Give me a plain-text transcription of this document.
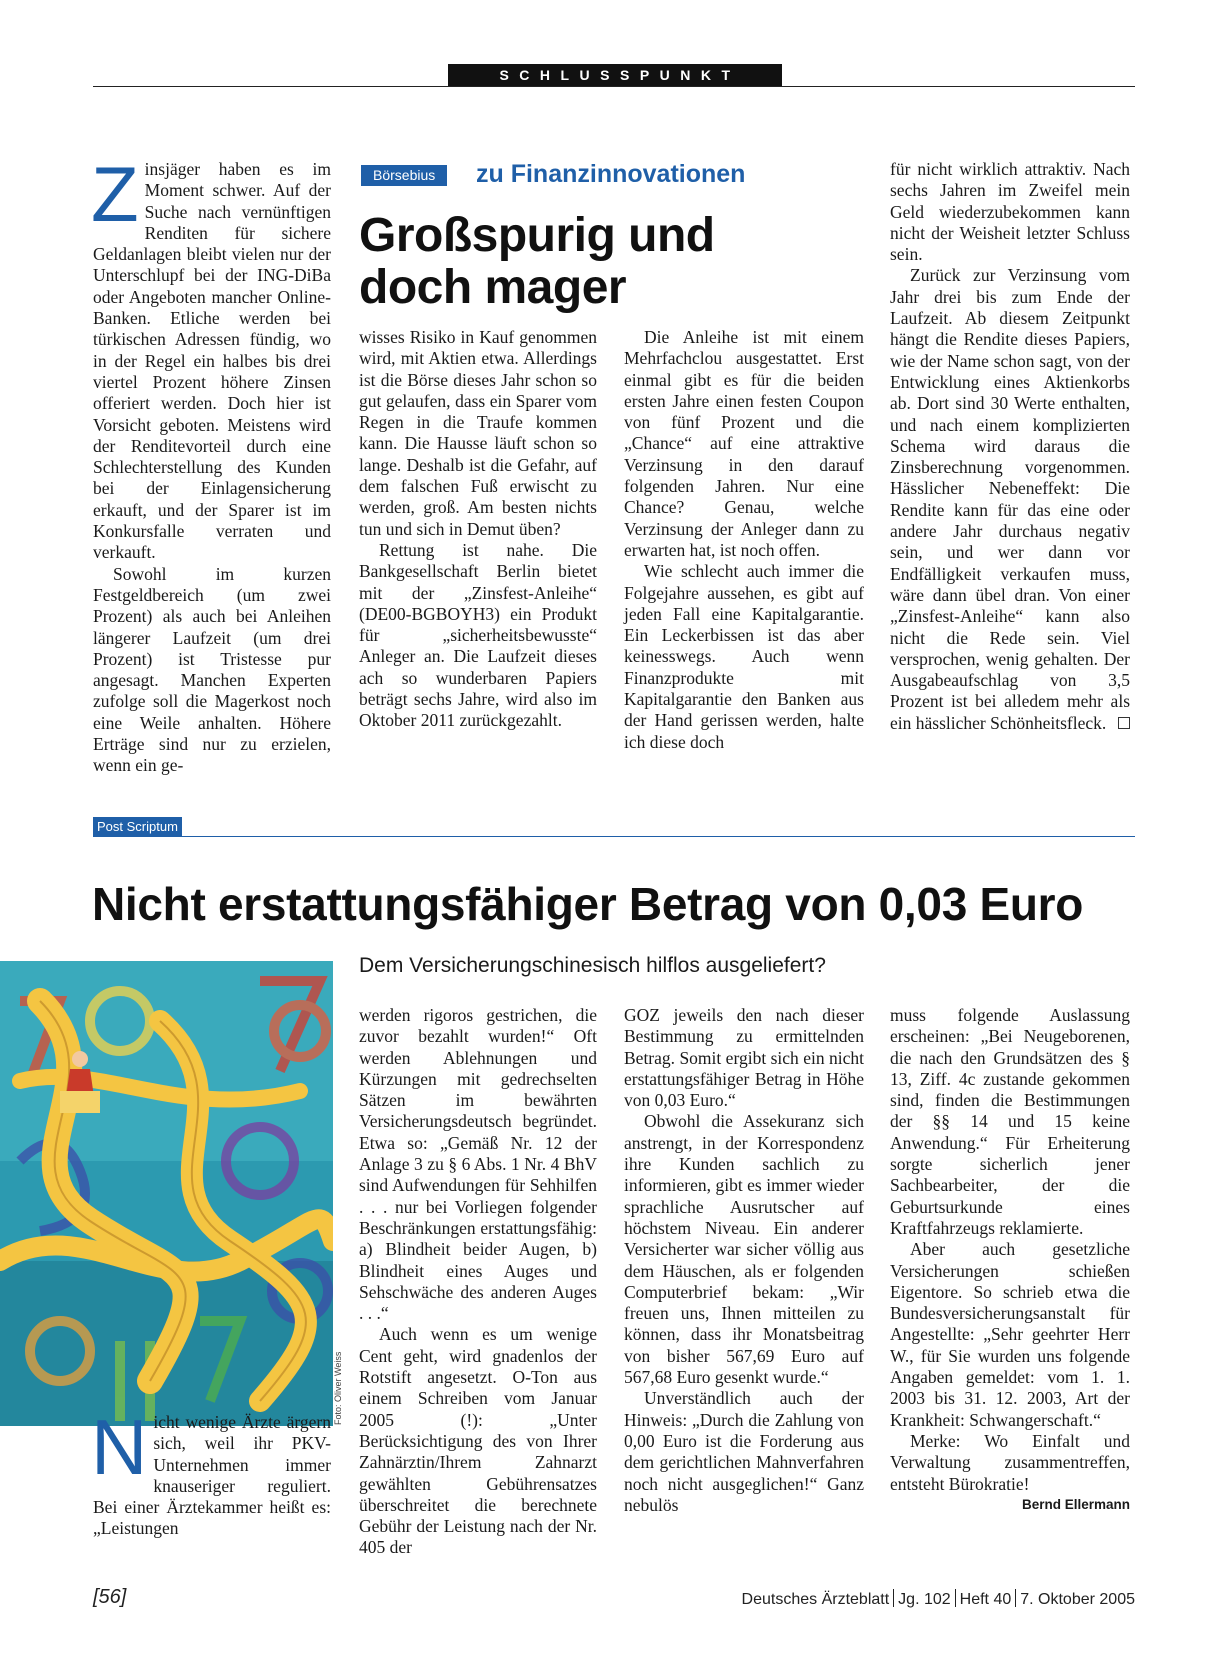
SCHLUSSPUNKT

Zinsjäger haben es im Moment schwer. Auf der Suche nach vernünftigen Renditen für sichere Geldanlagen bleibt vielen nur der Unterschlupf bei der ING-DiBa oder Angeboten mancher Online-Banken. Etliche werden bei türkischen Adressen fündig, wo in der Regel ein halbes bis drei viertel Prozent höhere Zinsen offeriert werden. Doch hier ist Vorsicht geboten. Meistens wird der Renditevorteil durch eine Schlechterstellung des Kunden bei der Einlagensicherung erkauft, und der Sparer ist im Konkursfalle verraten und verkauft.

Sowohl im kurzen Festgeldbereich (um zwei Prozent) als auch bei Anleihen längerer Laufzeit (um drei Prozent) ist Tristesse pur angesagt. Manchen Experten zufolge soll die Magerkost noch eine Weile anhalten. Höhere Erträge sind nur zu erzielen, wenn ein ge-

Börsebius	zu Finanzinnovationen
Großspurig und doch mager

wisses Risiko in Kauf genommen wird, mit Aktien etwa. Allerdings ist die Börse dieses Jahr schon so gut gelaufen, dass ein Sparer vom Regen in die Traufe kommen kann. Die Hausse läuft schon so lange. Deshalb ist die Gefahr, auf dem falschen Fuß erwischt zu werden, groß. Am besten nichts tun und sich in Demut üben?

Rettung ist nahe. Die Bankgesellschaft Berlin bietet mit der „Zinsfest-Anleihe“ (DE00-BGBOYH3) ein Produkt für „sicherheitsbewusste“ Anleger an. Die Laufzeit dieses ach so wunderbaren Papiers beträgt sechs Jahre, wird also im Oktober 2011 zurückgezahlt.

Die Anleihe ist mit einem Mehrfachclou ausgestattet. Erst einmal gibt es für die beiden ersten Jahre einen festen Coupon von fünf Prozent und die „Chance“ auf eine attraktive Verzinsung in den darauf folgenden Jahren. Nur eine Chance? Genau, welche Verzinsung der Anleger dann zu erwarten hat, ist noch offen.

Wie schlecht auch immer die Folgejahre aussehen, es gibt auf jeden Fall eine Kapitalgarantie. Ein Leckerbissen ist das aber keinesswegs. Auch wenn Finanzprodukte mit Kapitalgarantie den Banken aus der Hand gerissen werden, halte ich diese doch

für nicht wirklich attraktiv. Nach sechs Jahren im Zweifel mein Geld wiederzubekommen kann nicht der Weisheit letzter Schluss sein.

Zurück zur Verzinsung vom Jahr drei bis zum Ende der Laufzeit. Ab diesem Zeitpunkt hängt die Rendite dieses Papiers, wie der Name schon sagt, von der Entwicklung eines Aktienkorbs ab. Dort sind 30 Werte enthalten, und nach einem komplizierten Schema wird daraus die Zinsberechnung vorgenommen. Hässlicher Nebeneffekt: Die Rendite kann für das eine oder andere Jahr durchaus negativ sein, und wer dann vor Endfälligkeit verkaufen muss, wäre dann übel dran. Von einer „Zinsfest-Anleihe“ kann also nicht die Rede sein. Viel versprochen, wenig gehalten. Der Ausgabeaufschlag von 3,5 Prozent ist bei alledem mehr als ein hässlicher Schönheitsfleck.

Post Scriptum
Nicht erstattungsfähiger Betrag von 0,03 Euro
Dem Versicherungschinesisch hilflos ausgeliefert?
Foto: Oliver Weiss

Nicht wenige Ärzte ärgern sich, weil ihr PKV-Unternehmen immer knauseriger reguliert. Bei einer Ärztekammer heißt es: „Leistungen

werden rigoros gestrichen, die zuvor bezahlt wurden!“ Oft werden Ablehnungen und Kürzungen mit gedrechselten Sätzen im bewährten Versicherungsdeutsch begründet. Etwa so: „Gemäß Nr. 12 der Anlage 3 zu § 6 Abs. 1 Nr. 4 BhV sind Aufwendungen für Sehhilfen . . . nur bei Vorliegen folgender Beschränkungen erstattungsfähig: a) Blindheit beider Augen, b) Blindheit eines Auges und Sehschwäche des anderen Auges . . .“

Auch wenn es um wenige Cent geht, wird gnadenlos der Rotstift angesetzt. O-Ton aus einem Schreiben vom Januar 2005 (!): „Unter Berücksichtigung des von Ihrer Zahnärztin/Ihrem Zahnarzt gewählten Gebührensatzes überschreitet die berechnete Gebühr der Leistung nach der Nr. 405 der

GOZ jeweils den nach dieser Bestimmung zu ermittelnden Betrag. Somit ergibt sich ein nicht erstattungsfähiger Betrag in Höhe von 0,03 Euro.“

Obwohl die Assekuranz sich anstrengt, in der Korrespondenz ihre Kunden sachlich zu informieren, gibt es immer wieder sprachliche Ausrutscher auf höchstem Niveau. Ein anderer Versicherter war sicher völlig aus dem Häuschen, als er folgenden Computerbrief bekam: „Wir freuen uns, Ihnen mitteilen zu können, dass ihr Monatsbeitrag von bisher 567,69 Euro auf 567,68 Euro gesenkt wurde.“

Unverständlich auch der Hinweis: „Durch die Zahlung von 0,00 Euro ist die Forderung aus dem gerichtlichen Mahnverfahren noch nicht ausgeglichen!“ Ganz nebulös

muss folgende Auslassung erscheinen: „Bei Neugeborenen, die nach den Grundsätzen des § 13, Ziff. 4c zustande gekommen sind, finden die Bestimmungen der §§ 14 und 15 keine Anwendung.“ Für Erheiterung sorgte sicherlich jener Sachbearbeiter, der die Geburtsurkunde eines Kraftfahrzeugs reklamierte.

Aber auch gesetzliche Versicherungen schießen Eigentore. So schrieb etwa die Bundesversicherungsanstalt für Angestellte: „Sehr geehrter Herr W., für Sie wurden uns folgende Angaben gemeldet: vom 1. 1. 2003 bis 31. 12. 2003, Art der Krankheit: Schwangerschaft.“

Merke: Wo Einfalt und Verwaltung zusammentreffen, entsteht Bürokratie!

Bernd Ellermann

[56]	Deutsches Ärzteblatt Jg. 102 Heft 40 7. Oktober 2005
